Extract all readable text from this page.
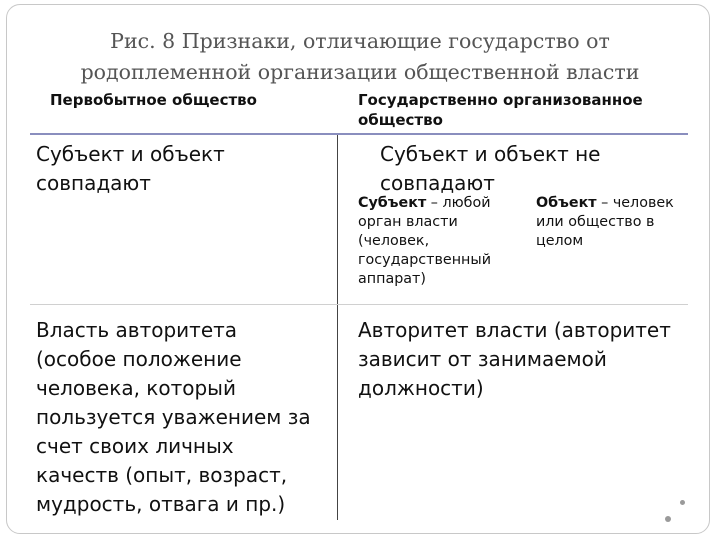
Рис. 8 Признаки, отличающие государство от
родоплеменной организации общественной власти
Первобытное общество	Государственно организованное
общество
Субъект и объект
совпадают
Субъект и объект не
совпадают
Субъект – любой
орган власти
(человек,
государственный
аппарат)
Объект – человек
или общество в
целом
Власть авторитета
(особое положение
человека, который
пользуется уважением за
счет своих личных
качеств (опыт, возраст,
мудрость, отвага и пр.)
Авторитет власти (авторитет
зависит от занимаемой
должности)
